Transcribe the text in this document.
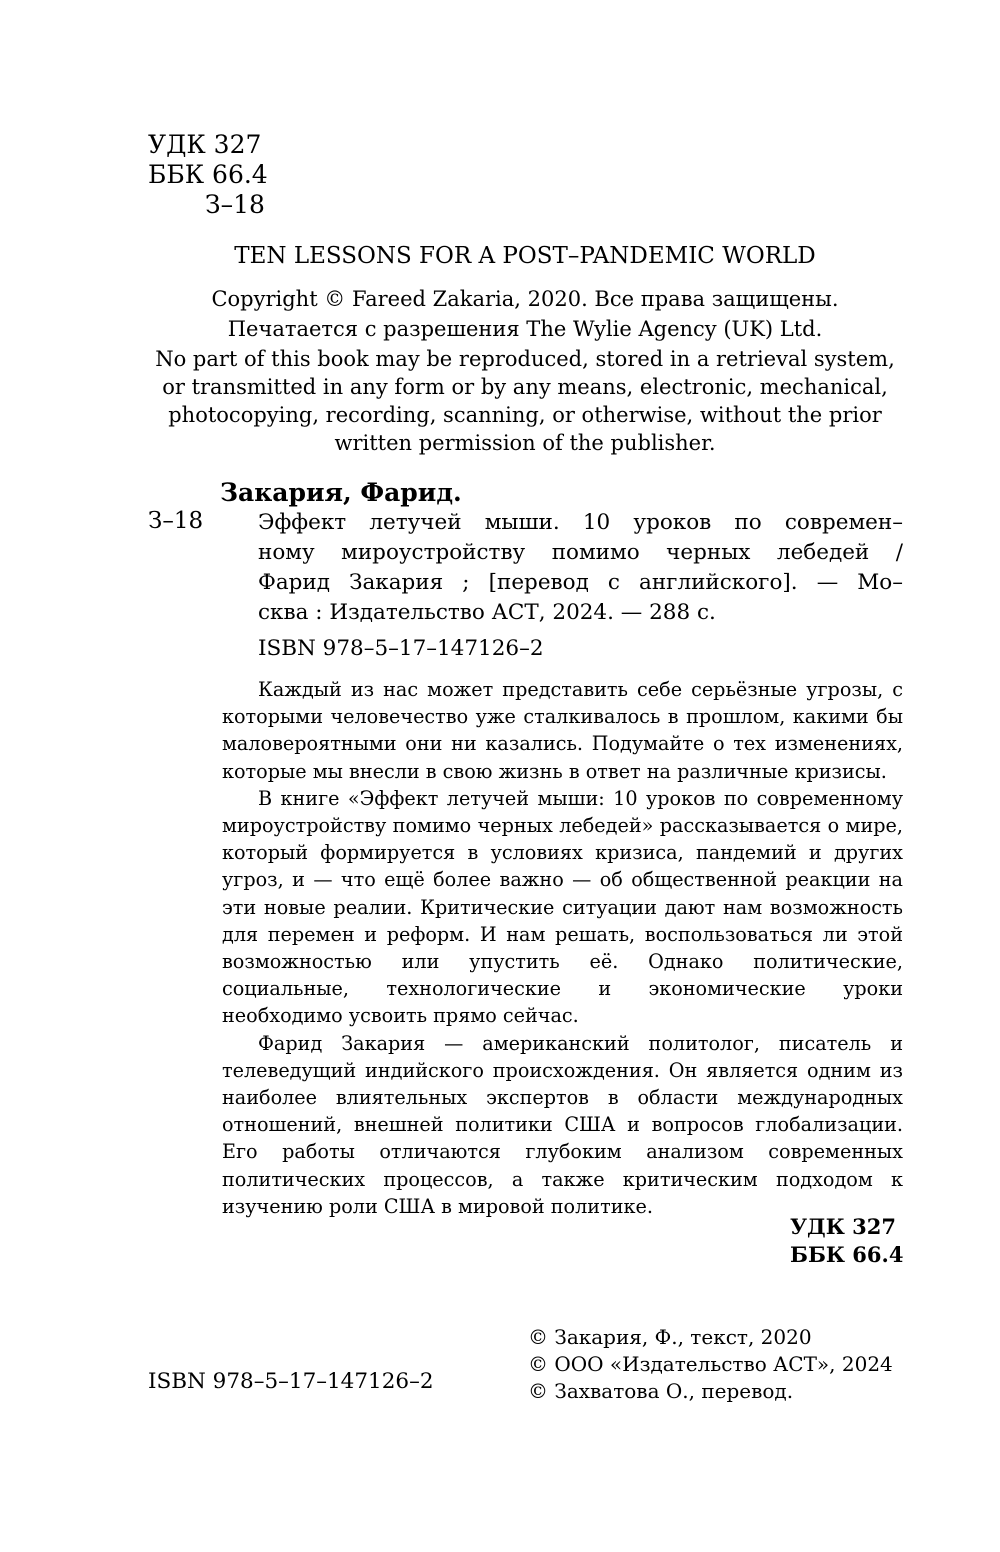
УДК 327
ББК 66.4
З–18
TEN LESSONS FOR A POST–PANDEMIC WORLD
Copyright © Fareed Zakaria, 2020. Все права защищены.
Печатается с разрешения The Wylie Agency (UK) Ltd.
No part of this book may be reproduced, stored in a retrieval system,
or transmitted in any form or by any means, electronic, mechanical,
photocopying, recording, scanning, or otherwise, without the prior
written permission of the publisher.
Закария, Фарид.
З–18	Эффект летучей мыши. 10 уроков по современ–
ному мироустройству помимо черных лебедей /
Фарид Закария ; [перевод с английского]. — Мо–
сква : Издательство АСТ, 2024. — 288 с.
ISBN 978–5–17–147126–2

Каждый из нас может представить себе серьёзные угрозы, с которыми человечество уже сталкивалось в прошлом, какими бы маловероятными они ни казались. Подумайте о тех изменениях, которые мы внесли в свою жизнь в ответ на различные кризисы.

В книге «Эффект летучей мыши: 10 уроков по современному мироустройству помимо черных лебедей» рассказывается о мире, который формируется в условиях кризиса, пандемий и других угроз, и — что ещё более важно — об общественной реакции на эти новые реалии. Критические ситуации дают нам возможность для перемен и реформ. И нам решать, воспользоваться ли этой возможностью или упустить её. Однако политические, социальные, технологические и экономические уроки необходимо усвоить прямо сейчас.

Фарид Закария — американский политолог, писатель и телеведущий индийского происхождения. Он является одним из наиболее влиятельных экспертов в области международных отношений, внешней политики США и вопросов глобализации. Его работы отличаются глубоким анализом современных политических процессов, а также критическим подходом к изучению роли США в мировой политике.

УДК 327
ББК 66.4
© Закария, Ф., текст, 2020
© ООО «Издательство АСТ», 2024
© Захватова О., перевод.
ISBN 978–5–17–147126–2
